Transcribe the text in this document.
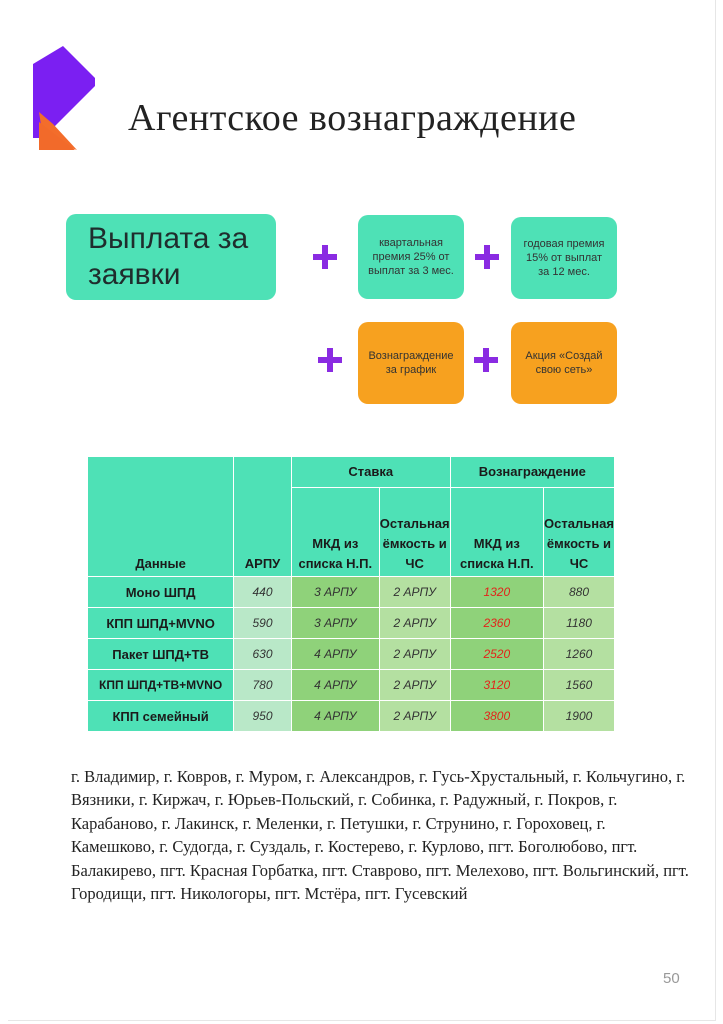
Агентское вознаграждение
Выплата за заявки
квартальная премия 25% от выплат за 3 мес.
годовая премия 15% от выплат за 12 мес.
Вознаграждение за график
Акция «Создай свою сеть»
Данные	АРПУ	Ставка		Вознаграждение	
		МКД из списка Н.П.	Остальная ёмкость и ЧС	МКД из списка Н.П.	Остальная ёмкость и ЧС
Моно ШПД	440	3 АРПУ	2 АРПУ	1320	880
КПП ШПД+MVNO	590	3 АРПУ	2 АРПУ	2360	1180
Пакет ШПД+ТВ	630	4 АРПУ	2 АРПУ	2520	1260
КПП ШПД+ТВ+MVNO	780	4 АРПУ	2 АРПУ	3120	1560
КПП семейный	950	4 АРПУ	2 АРПУ	3800	1900
г. Владимир, г. Ковров, г. Муром, г. Александров, г. Гусь-Хрустальный, г. Кольчугино, г. Вязники, г. Киржач, г. Юрьев-Польский, г. Собинка, г. Радужный, г. Покров, г. Карабаново, г. Лакинск, г. Меленки, г. Петушки, г. Струнино, г. Гороховец, г. Камешково, г. Судогда, г. Суздаль, г. Костерево, г. Курлово, пгт. Боголюбово, пгт. Балакирево, пгт. Красная Горбатка, пгт. Ставрово, пгт. Мелехово, пгт. Вольгинский, пгт. Городищи, пгт. Никологоры, пгт. Мстёра, пгт. Гусевский
50
